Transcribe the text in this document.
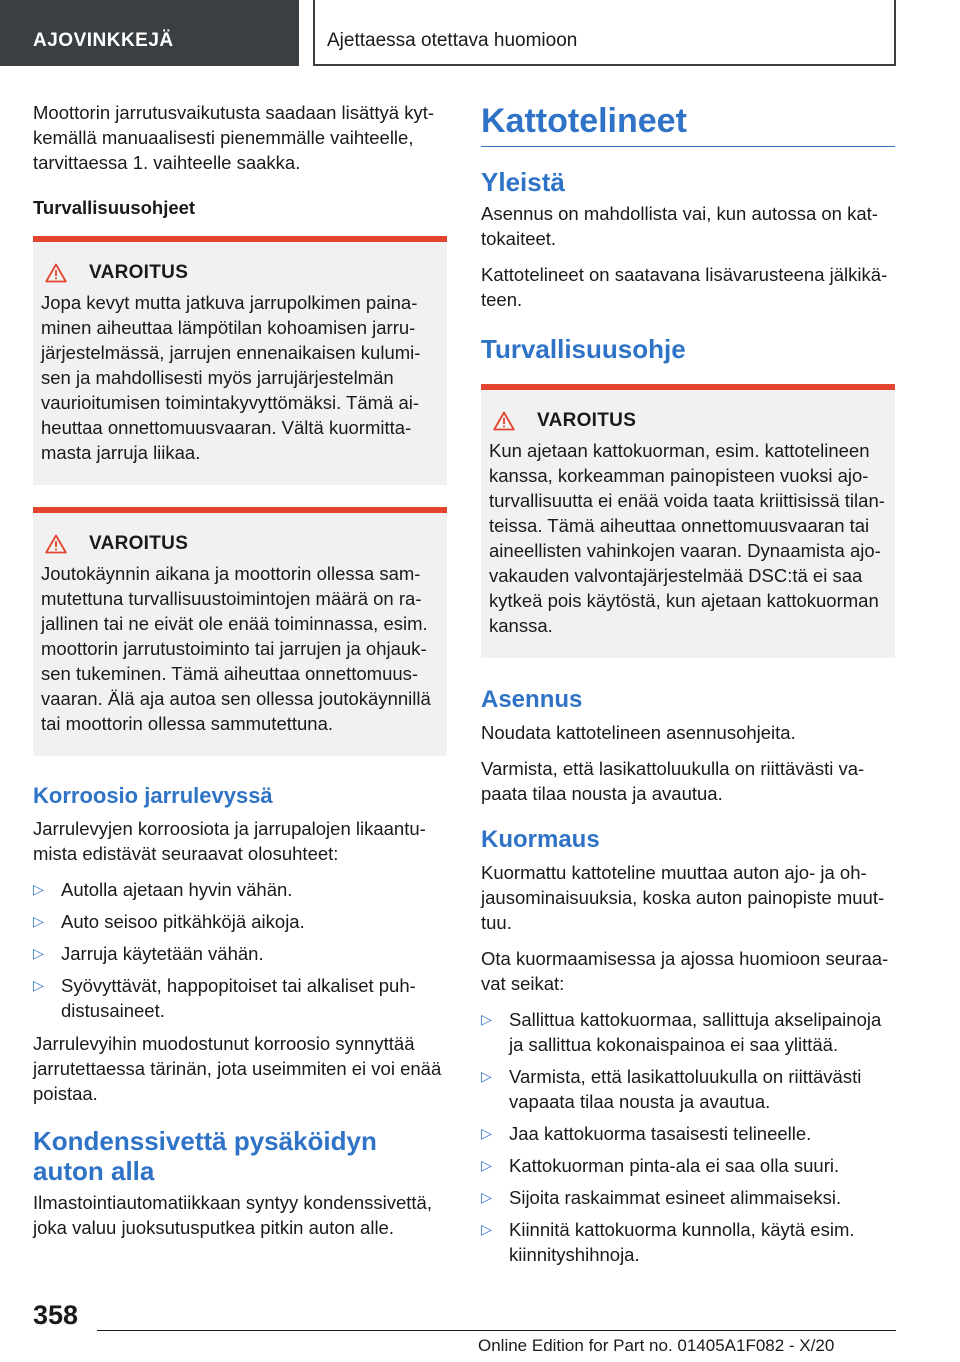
AJOVINKKEJÄ	Ajettaessa otettava huomioon

Moottorin jarrutusvaikutusta saadaan lisättyä kytkemällä manuaalisesti pienemmälle vaihteelle, tarvittaessa 1. vaihteelle saakka.

Turvallisuusohjeet
VAROITUS

Jopa kevyt mutta jatkuva jarrupolkimen painaminen aiheuttaa lämpötilan kohoamisen jarrujärjestelmässä, jarrujen ennenaikaisen kulumisen ja mahdollisesti myös jarrujärjestelmän vaurioitumisen toimintakyvyttömäksi. Tämä aiheuttaa onnettomuusvaaran. Vältä kuormittamasta jarruja liikaa.

VAROITUS

Joutokäynnin aikana ja moottorin ollessa sammutettuna turvallisuustoimintojen määrä on rajallinen tai ne eivät ole enää toiminnassa, esim. moottorin jarrutustoiminto tai jarrujen ja ohjauksen tukeminen. Tämä aiheuttaa onnettomuusvaaran. Älä aja autoa sen ollessa joutokäynnillä tai moottorin ollessa sammutettuna.

Korroosio jarrulevyssä

Jarrulevyjen korroosiota ja jarrupalojen likaantumista edistävät seuraavat olosuhteet:

▷ Autolla ajetaan hyvin vähän.
▷ Auto seisoo pitkähköjä aikoja.
▷ Jarruja käytetään vähän.
▷ Syövyttävät, happopitoiset tai alkaliset puhdistusaineet.

Jarrulevyihin muodostunut korroosio synnyttää jarrutettaessa tärinän, jota useimmiten ei voi enää poistaa.

Kondenssivettä pysäköidyn auton alla

Ilmastointiautomatiikkaan syntyy kondenssivettä, joka valuu juoksutusputkea pitkin auton alle.

Kattotelineet
Yleistä

Asennus on mahdollista vai, kun autossa on kattokaiteet.

Kattotelineet on saatavana lisävarusteena jälkikäteen.

Turvallisuusohje
VAROITUS

Kun ajetaan kattokuorman, esim. kattotelineen kanssa, korkeamman painopisteen vuoksi ajoturvallisuutta ei enää voida taata kriittisissä tilanteissa. Tämä aiheuttaa onnettomuusvaaran tai aineellisten vahinkojen vaaran. Dynaamista ajovakauden valvontajärjestelmää DSC:tä ei saa kytkeä pois käytöstä, kun ajetaan kattokuorman kanssa.

Asennus

Noudata kattotelineen asennusohjeita.

Varmista, että lasikattoluukulla on riittävästi vapaata tilaa nousta ja avautua.

Kuormaus

Kuormattu kattoteline muuttaa auton ajo- ja ohjausominaisuuksia, koska auton painopiste muuttuu.

Ota kuormaamisessa ja ajossa huomioon seuraavat seikat:

▷ Sallittua kattokuormaa, sallittuja akselipainoja ja sallittua kokonaispainoa ei saa ylittää.
▷ Varmista, että lasikattoluukulla on riittävästi vapaata tilaa nousta ja avautua.
▷ Jaa kattokuorma tasaisesti telineelle.
▷ Kattokuorman pinta-ala ei saa olla suuri.
▷ Sijoita raskaimmat esineet alimmaiseksi.
▷ Kiinnitä kattokuorma kunnolla, käytä esim. kiinnityshihnoja.
358
Online Edition for Part no. 01405A1F082 - X/20
